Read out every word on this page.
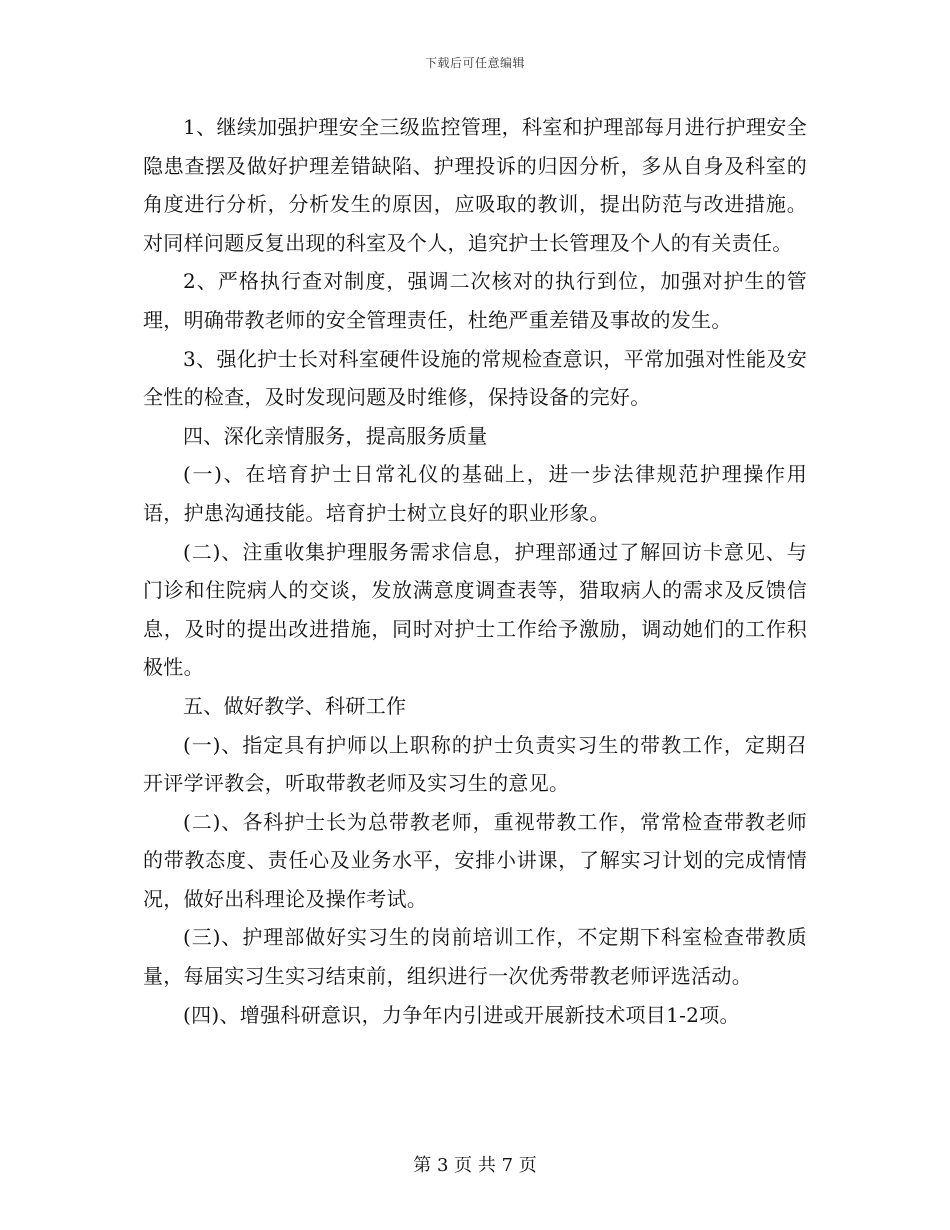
下载后可任意编辑

1、继续加强护理安全三级监控管理，科室和护理部每月进行护理安全隐患查摆及做好护理差错缺陷、护理投诉的归因分析，多从自身及科室的角度进行分析，分析发生的原因，应吸取的教训，提出防范与改进措施。对同样问题反复出现的科室及个人，追究护士长管理及个人的有关责任。

2、严格执行查对制度，强调二次核对的执行到位，加强对护生的管理，明确带教老师的安全管理责任，杜绝严重差错及事故的发生。

3、强化护士长对科室硬件设施的常规检查意识，平常加强对性能及安全性的检查，及时发现问题及时维修，保持设备的完好。

四、深化亲情服务，提高服务质量

(一)、在培育护士日常礼仪的基础上，进一步法律规范护理操作用语，护患沟通技能。培育护士树立良好的职业形象。

(二)、注重收集护理服务需求信息，护理部通过了解回访卡意见、与门诊和住院病人的交谈，发放满意度调查表等，猎取病人的需求及反馈信息，及时的提出改进措施，同时对护士工作给予激励，调动她们的工作积极性。

五、做好教学、科研工作

(一)、指定具有护师以上职称的护士负责实习生的带教工作，定期召开评学评教会，听取带教老师及实习生的意见。

(二)、各科护士长为总带教老师，重视带教工作，常常检查带教老师的带教态度、责任心及业务水平，安排小讲课，了解实习计划的完成情情况，做好出科理论及操作考试。

(三)、护理部做好实习生的岗前培训工作，不定期下科室检查带教质量，每届实习生实习结束前，组织进行一次优秀带教老师评选活动。

(四)、增强科研意识，力争年内引进或开展新技术项目1-2项。

第 3 页 共 7 页
